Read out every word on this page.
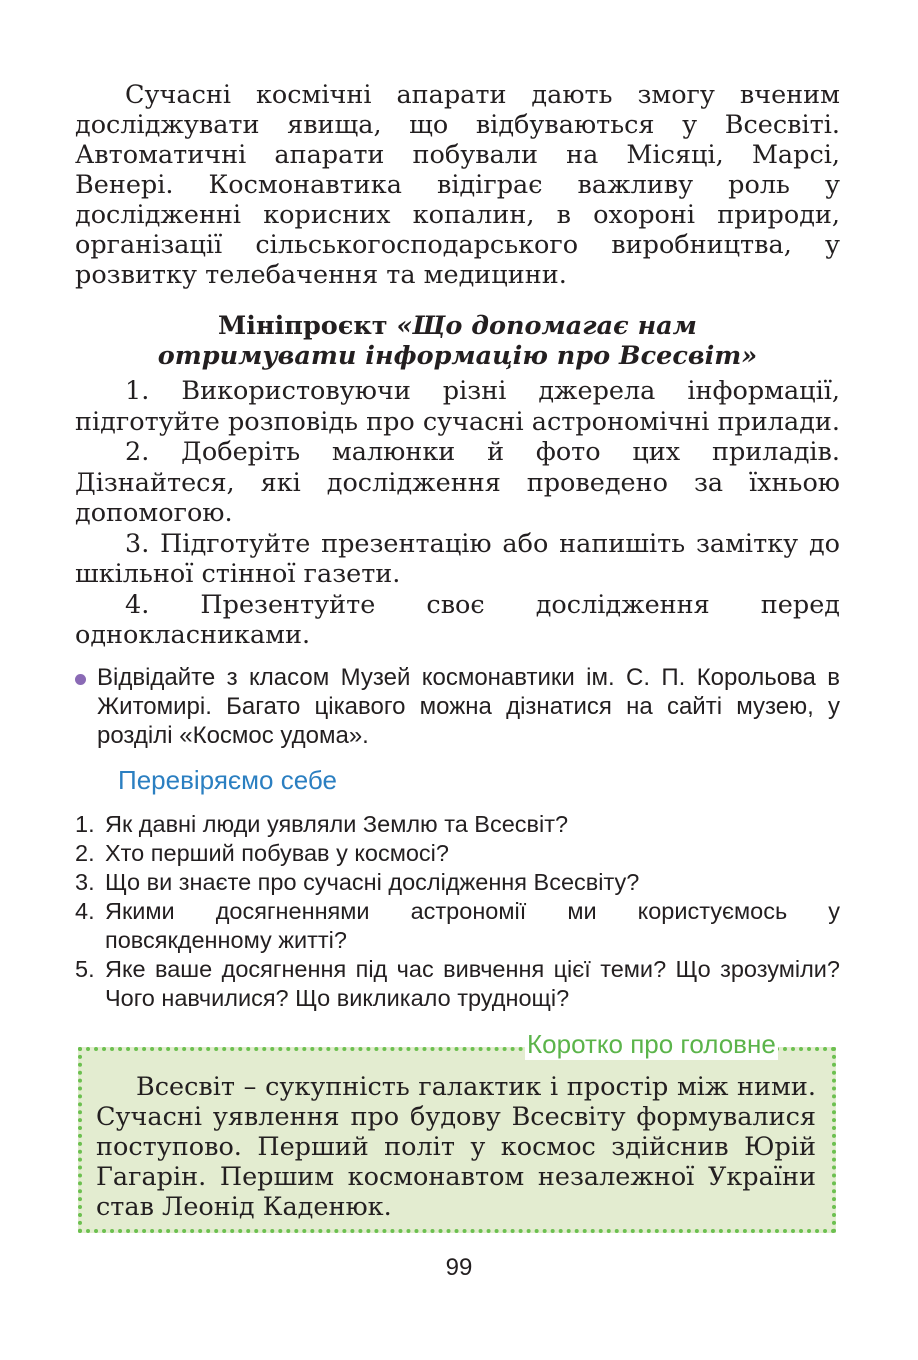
Сучасні космічні апарати дають змогу вченим досліджувати явища, що відбуваються у Всесвіті. Автоматичні апарати побували на Місяці, Марсі, Венері. Космонавтика відіграє важливу роль у дослідженні корисних копалин, в охороні природи, організації сільськогосподарського виробництва, у розвитку телебачення та медицини.

Мініпроєкт «Що допомагає нам
отримувати інформацію про Всесвіт»
1. Використовуючи різні джерела інформації, підготуйте розповідь про сучасні астрономічні прилади.
2. Доберіть малюнки й фото цих приладів. Дізнайтеся, які дослідження проведено за їхньою допомогою.
3. Підготуйте презентацію або напишіть замітку до шкільної стінної газети.
4. Презентуйте своє дослідження перед однокласниками.
Відвідайте з класом Музей космонавтики ім. С. П. Корольова в Житомирі. Багато цікавого можна дізнатися на сайті музею, у розділі «Космос удома».
Перевіряємо себе
1. Як давні люди уявляли Землю та Всесвіт?
2. Хто перший побував у космосі?
3. Що ви знаєте про сучасні дослідження Всесвіту?
4. Якими досягненнями астрономії ми користуємось у повсякденному житті?
5. Яке ваше досягнення під час вивчення цієї теми? Що зрозуміли? Чого навчилися? Що викликало труднощі?
Коротко про головне

Всесвіт – сукупність галактик і простір між ними. Сучасні уявлення про будову Всесвіту формувалися поступово. Перший політ у космос здійснив Юрій Гагарін. Першим космонавтом незалежної України став Леонід Каденюк.

99
